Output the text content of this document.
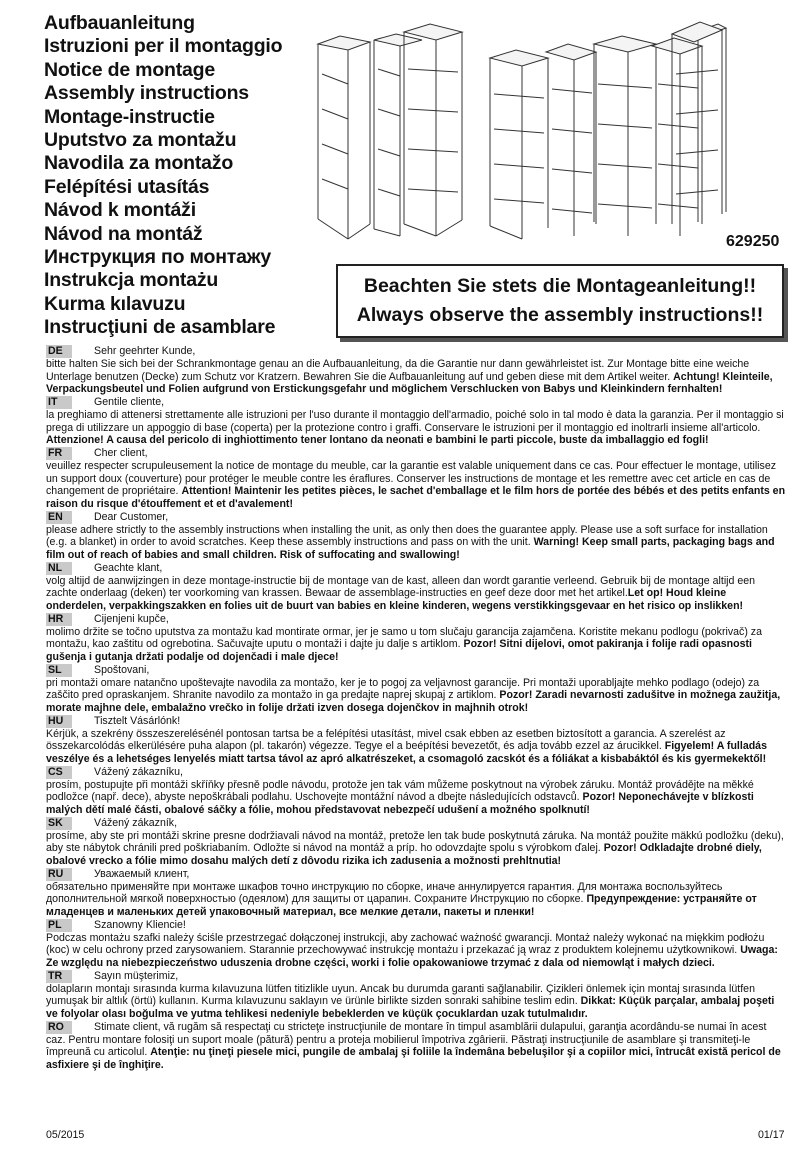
Aufbauanleitung
Istruzioni per il montaggio
Notice de montage
Assembly instructions
Montage-instructie
Uputstvo za montažu
Navodila za montažo
Felépítési utasítás
Návod k montáži
Návod na montáž
Инструкция по монтажу
Instrukcja montażu
Kurma kılavuzu
Instrucţiuni de asamblare
629250
Beachten Sie stets die Montageanleitung!!
Always observe the assembly instructions!!
DE	Sehr geehrter Kunde,
bitte halten Sie sich bei der Schrankmontage genau an die Aufbauanleitung, da die Garantie nur dann gewährleistet ist. Zur Montage bitte eine weiche Unterlage benutzen (Decke) zum Schutz vor Kratzern. Bewahren Sie die Aufbauanleitung auf und geben diese mit dem Artikel weiter. Achtung! Kleinteile, Verpackungsbeutel und Folien aufgrund von Erstickungsgefahr und möglichem Verschlucken von Babys und Kleinkindern fernhalten!
IT	Gentile cliente,
la preghiamo di attenersi strettamente alle istruzioni per l'uso durante il montaggio dell'armadio, poiché solo in tal modo è data la garanzia. Per il montaggio si prega di utilizzare un appoggio di base (coperta) per la protezione contro i graffi. Conservare le istruzioni per il montaggio ed inoltrarli insieme all'articolo. Attenzione! A causa del pericolo di inghiottimento tener lontano da neonati e bambini le parti piccole, buste da imballaggio ed fogli!
FR	Cher client,
veuillez respecter scrupuleusement la notice de montage du meuble, car la garantie est valable uniquement dans ce cas. Pour effectuer le montage, utilisez un support doux (couverture) pour protéger le meuble contre les éraflures. Conserver les instructions de montage et les remettre avec cet article en cas de changement de propriétaire. Attention! Maintenir les petites pièces, le sachet d'emballage et le film hors de portée des bébés et des petits enfants en raison du risque d'étouffement et et d'avalement!
EN	Dear Customer,
please adhere strictly to the assembly instructions when installing the unit, as only then does the guarantee apply. Please use a soft surface for installation (e.g. a blanket) in order to avoid scratches. Keep these assembly instructions and pass on with the unit. Warning! Keep small parts, packaging bags and film out of reach of babies and small children. Risk of suffocating and swallowing!
NL	Geachte klant,
volg altijd de aanwijzingen in deze montage-instructie bij de montage van de kast, alleen dan wordt garantie verleend. Gebruik bij de montage altijd een zachte onderlaag (deken) ter voorkoming van krassen. Bewaar de assemblage-instructies en geef deze door met het artikel.Let op! Houd kleine onderdelen, verpakkingszakken en folies uit de buurt van babies en kleine kinderen, wegens verstikkingsgevaar en het risico op inslikken!
HR	Cijenjeni kupče,
molimo držite se točno uputstva za montažu kad montirate ormar, jer je samo u tom slučaju garancija zajamčena. Koristite mekanu podlogu (pokrivač) za montažu, kao zaštitu od ogrebotina. Sačuvajte uputu o montaži i dajte ju dalje s artiklom. Pozor! Sitni dijelovi, omot pakiranja i folije radi opasnosti gušenja i gutanja držati podalje od dojenčadi i male djece!
SL	Spoštovani,
pri montaži omare natančno upoštevajte navodila za montažo, ker je to pogoj za veljavnost garancije. Pri montaži uporabljajte mehko podlago (odejo) za zaščito pred opraskanjem. Shranite navodilo za montažo in ga predajte naprej skupaj z artiklom. Pozor! Zaradi nevarnosti zadušitve in možnega zaužitja, morate majhne dele, embalažno vrečko in folije držati izven dosega dojenčkov in majhnih otrok!
HU	Tisztelt Vásárlónk!
Kérjük, a szekrény összeszerelésénél pontosan tartsa be a felépítési utasítást, mivel csak ebben az esetben biztosított a garancia. A szerelést az összekarcolódás elkerülésére puha alapon (pl. takarón) végezze. Tegye el a beépítési bevezetőt, és adja tovább ezzel az árucikkel. Figyelem! A fulladás veszélye és a lehetséges lenyelés miatt tartsa távol az apró alkatrészeket, a csomagoló zacskót és a fóliákat a kisbabáktól és kis gyermekektől!
CS	Vážený zákazníku,
prosím, postupujte při montáži skříňky přesně podle návodu, protože jen tak vám můžeme poskytnout na výrobek záruku. Montáž provádějte na měkké podložce (např. dece), abyste nepoškrábali podlahu. Uschovejte montážní návod a dbejte následujících odstavců. Pozor! Neponechávejte v blízkosti malých dětí malé části, obalové sáčky a fólie, mohou představovat nebezpečí udušení a možného spolknutí!
SK	Vážený zákazník,
prosíme, aby ste pri montáži skrine presne dodržiavali návod na montáž, pretože len tak bude poskytnutá záruka. Na montáž použite mäkkú podložku (deku), aby ste nábytok chránili pred poškriabaním. Odložte si návod na montáž a príp. ho odovzdajte spolu s výrobkom ďalej. Pozor! Odkladajte drobné diely, obalové vrecko a fólie mimo dosahu malých detí z dôvodu rizika ich zadusenia a možnosti prehltnutia!
RU	Уважаемый клиент,
обязательно применяйте при монтаже шкафов точно инструкцию по сборке, иначе аннулируется гарантия. Для монтажа воспользуйтесь дополнительной мягкой поверхностью (одеялом) для защиты от царапин. Сохраните Инструкцию по сборке. Предупреждение: устраняйте от младенцев и маленьких детей упаковочный материал, все мелкие детали, пакеты и пленки!
PL	Szanowny Kliencie!
Podczas montażu szafki należy ściśle przestrzegać dołączonej instrukcji, aby zachować ważność gwarancji. Montaż należy wykonać na miękkim podłożu (koc) w celu ochrony przed zarysowaniem. Starannie przechowywać instrukcję montażu i przekazać ją wraz z produktem kolejnemu użytkownikowi. Uwaga: Ze względu na niebezpieczeństwo uduszenia drobne części, worki i folie opakowaniowe trzymać z dala od niemowląt i małych dzieci.
TR	Sayın müşterimiz,
dolapların montajı sırasında kurma kılavuzuna lütfen titizlikle uyun. Ancak bu durumda garanti sağlanabilir. Çizikleri önlemek için montaj sırasında lütfen yumuşak bir altlık (örtü) kullanın. Kurma kılavuzunu saklayın ve ürünle birlikte sizden sonraki sahibine teslim edin. Dikkat: Küçük parçalar, ambalaj poşeti ve folyolar olası boğulma ve yutma tehlikesi nedeniyle bebeklerden ve küçük çocuklardan uzak tutulmalıdır.
RO	Stimate client, vă rugăm să respectaţi cu stricteţe instrucţiunile de montare în timpul asamblării dulapului, garanţia acordându-se numai în acest
caz. Pentru montare folosiţi un suport moale (pătură) pentru a proteja mobilierul împotriva zgârierii. Păstraţi instrucţiunile de asamblare şi transmiteţi-le împreună cu articolul. Atenţie: nu ţineţi piesele mici, pungile de ambalaj şi foliile la îndemâna bebeluşilor şi a copiilor mici, întrucât există pericol de asfixiere şi de înghiţire.
05/2015	01/17
